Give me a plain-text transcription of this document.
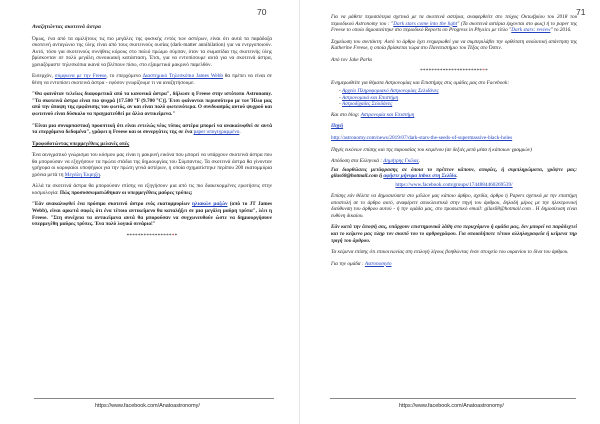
70
Αναζητώντας σκοτεινά άστρα
Όμως, ένα από τα αμιλήτους τις πιο μεγάλες της φυσικής εντός των αστέρων, είναι ότι αυτά τα παράδοξα σκοτεινή ανταγώνιο της ύλης είναι από τους σκοτεινούς ουσίας (dark-matter annihilation) για να ενεργοποιούν. Αυτό, τόσο για σκοτεινούς συνήθεις κόρους στο παλιό πρώιμο σύμπαν, όταν τα σωματίδια της σκοτεινής ύλης βρίσκονταν σε πολύ μεγάλη συνοικιακή κατάσταση. Έτσι, για να εντοπίσουμε αυτά για να σκοτεινά άστρα, χρειαζόμαστε τηλεσκόπια ικανά να βλέπουν πίσω, στο εξαιρετικά μακρινό παρελθόν.
Εισερχόν, σύμφωνα με την Freese, το επερχόμενο Διαστημικό Τηλεσκόπιο James Webb θα πρέπει να είναι σε θέση να εντοπίσει σκοτεινά άστρα - εφόσον γνωρίζουμε τι να αναζητήσουμε.
"Θα φαινόταν τελείως διαφορετικά από τα κανονικά άστρα", δήλωσε η Freese στην ιστότοπο Astronomy. "Τα σκοτεινά άστρα είναι πιο ψυχρά [17.500 °F (9.700 °C)]. Έτσι φαίνονται περισσότερο με τον Ήλιο μας από την άποψη της εμφάνισης του φωτός, αν και είναι πολύ φωτεινότερα. Ο συνδυασμός αυτού ψυχρού και φωτεινού είναι δύσκολο να πραγματεύθεί με άλλα αντικείμενα."
"Είναι μια συναρπαστική προοπτική ότι είναι εντελώς νέος τύπος αστέρα μπορεί να ανακαλυφθεί σε αυτά τα επερχόμενα δεδομένα", γράφει η Freese και οι συνεργάτες της σε ένα paper υπογεγραμμένο.
Τροφοδοτώντας υπερμεγέθεις μελανές οπές
Ένα αινιγματικό γνώρισμα του κόσμου μας είναι η μακρινή εικόνα που μπορεί να υπάρχουν σκοτεινά άστρα που θα μπορούσαν να εξηγήσουν τα πρώτα στάδια της δημιουργίας του Σύμπαντος. Τα σκοτεινά άστρα θα γίνονταν γρήγορα οι κορυφαίοι υποψήφιοι για την πρώτη γενιά αστέρων, η οποία σχηματίστηκε περίπου 200 εκατομμύρια χρόνια μετά τη Μεγάλη Έκρηξη.
Αλλά τα σκοτεινά άστρα θα μπορούσαν επίσης να εξηγήσουν μια από τις πιο διακεκομμένες ερωτήσεις στην κοσμολογία: Πώς προσυσσωματώθηκαν οι υπερμεγέθεις μαύρες τρύπες;
"Εάν ανακαλυφθεί ένα πρόσιμο σκοτεινό άστρο ενός εκατομμυρίων ηλιακών μαζών (από το JT James Webb), είναι αρκετά σαφές ότι ένα τέτοιο αντικείμενο θα καταλήξει σε μια μεγάλη μαύρη τρύπα", λέει η Freese. "Στη συνέχεια τα αντικείμενα αυτά θα μπορούσαν να συγχωνευθούν ώστε να δημιουργήσουν υπερμεγέθη μαύρες τρύπες. Ένα πολύ λογικό σενάριο!"
******************
https://www.facebook.com/Anatoastronomy/
71
Για να μάθετε περισσότερα σχετικά με τα σκοτεινά αστέρια, αναφερθείτε στο τεύχος Οκτωβρίου του 2018 του περιοδικού Astronomy του : "Dark stars come into the light" (Τα σκοτεινά αστέρια έρχονται στο φως) ή το paper της Freese το οποίο δημοσιεύτηκε στο περιοδικό Reports on Progress in Physics με τίτλο "Dark stars: review" το 2016.
Σημείωση του συντάκτη: Αυτό το άρθρο έχει ενημερωθεί για να συμπεριλάβει την ορθότατη αναλυτική απάντηση της Katherine Freese, η οποία βρίσκεται τώρα στο Πανεπιστήμιο του Τέξας στο Όστιν.
Από τον Jake Parks
************************
Ενημερωθείτε για θέματα Αστρονομίας και Επιστήμης στις ομάδες μας στο Facebook:
- Αρχείο Πληροφοριακό Αστρονομίας Σελιδάνες
- Αστρονομικά και Επιστήμη
- Αστροδίχαδες Σελιδάνες
Και στο blog: Αστρονομία και Επιστήμη
Πηγή
http://astronomy.com/news/2019/07/dark-stars-the-seeds-of-supermassive-black-holes
Πηγές εικόνων επίσης και της παρουσίας του κειμένου (σε δεξιές μετά μέσα ή κάποιων γραμμών)
Απόδοση στα Ελληνικά : Δημήτρης Γκίλας.
Για διορθώσεις μετάφρασης σε όποια το πρέπτον κάπουν, απορίες, ή συμπληρώματα, γράψτε μας: gilas68@hotmail.com ή αφήστε μήνυμα inbox στη Σελίδα.
https://www.facebook.com/groups/1744884460269539/
Επίσης εάν θέλετε να δημοσιεύσετε στο μέλλον μας κάποιο άρθρο, σχεδία, άρθρο ή Papers σχετικά με την επιστήμη αποστολή σε το άρθρο αυτό, αναφέρετε αποκλειστικά στην πηγή του άρθρου, δηλαδή μέρος με την ηλεκτρονική διεύθυνση του άρθρου αυτού - ή την ομάδα μας, στο προσωπικό email: gilas68@hotmail.com . Η δημοσίευση είναι ευθύνη δικαίου.
Εάν κατά την άποψή σας, υπάρχουν επιστημονικά λάθη στο περιεχόμενο ή ομάδα μας, δεν μπορεί να παράδεχτεί και το κείμενο μας πληρ τον σκοπό του το αρθρογράφου. Για οποιαδήποτε τέτοιο αλληλογραφεία ή κείμενα τηρ τριγή του άρθρου.
Τα κείμενα επίσης ότι επικοινωνίας στη επιλογή λίγους βοηθώντας έναν στοιχείο του ουρανίου το δίνα του άρθρου.
Για την ομάδα : Αstronomyto
https://www.facebook.com/Anatoastronomy/
